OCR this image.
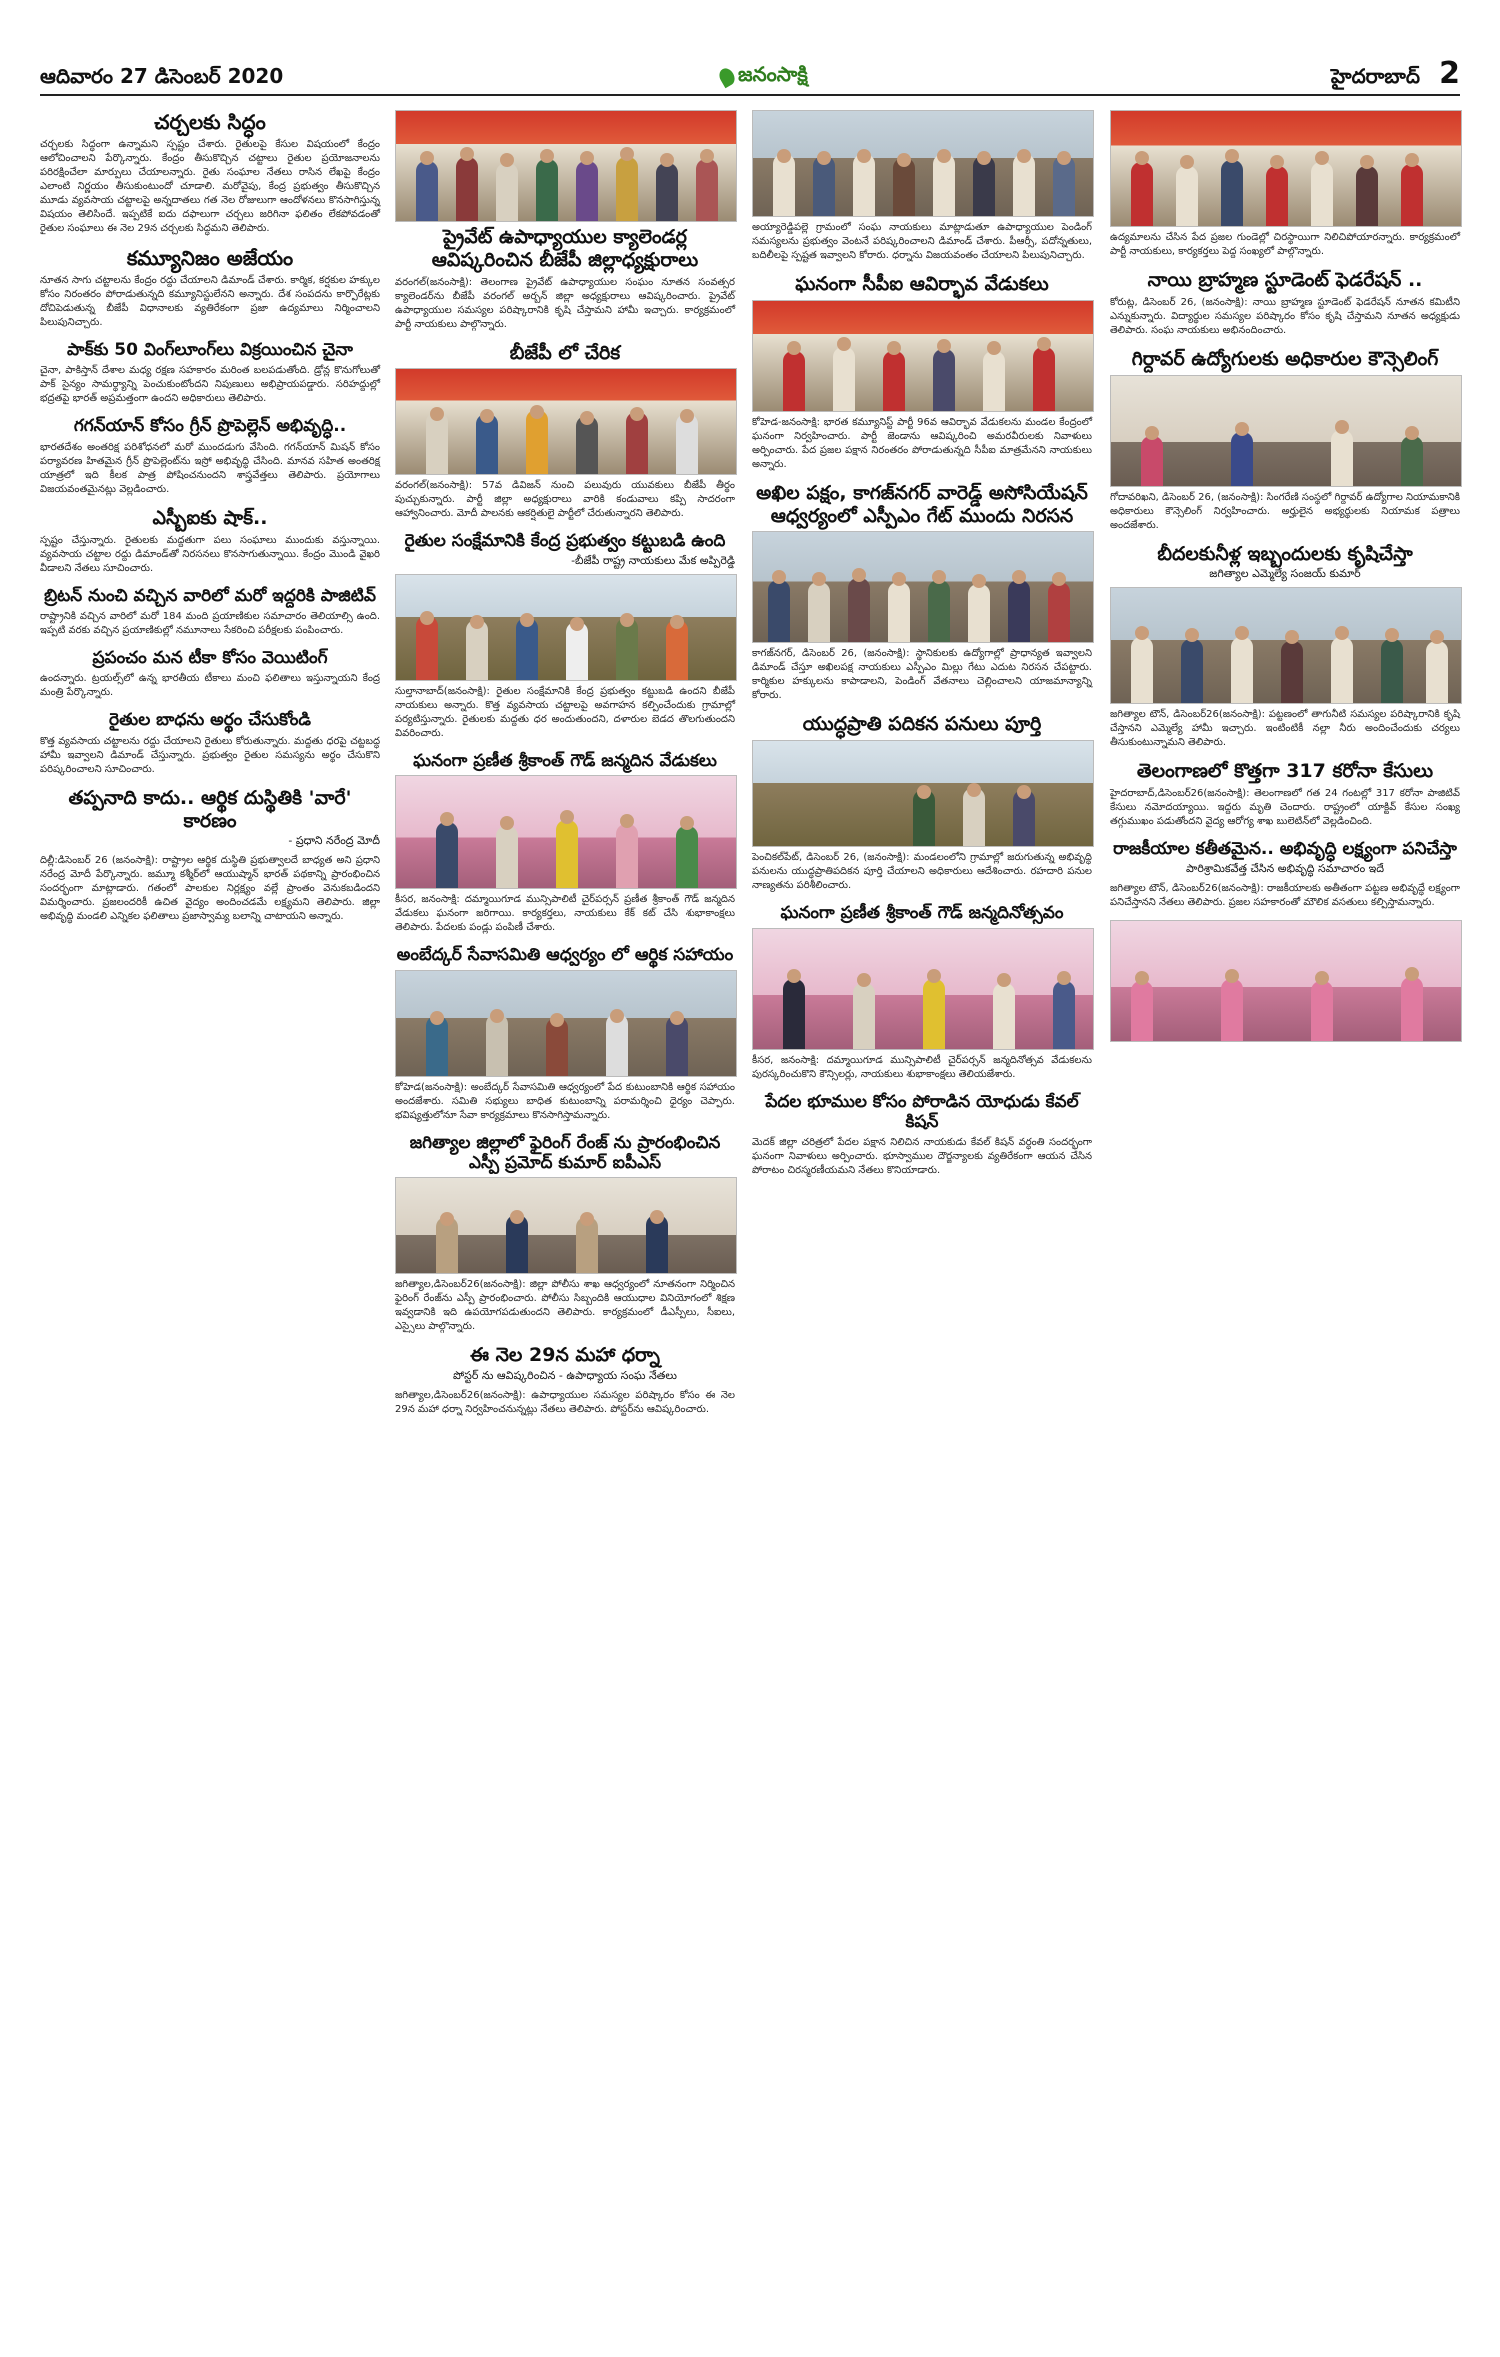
ఆదివారం 27 డిసెంబర్ 2020	జనంసాక్షి	హైదరాబాద్ 2
చర్చలకు సిద్ధం
చర్చలకు సిద్ధంగా ఉన్నామని స్పష్టం చేశారు. రైతులపై కేసుల విషయంలో కేంద్రం ఆలోచించాలని పేర్కొన్నారు. కేంద్రం తీసుకొచ్చిన చట్టాలు రైతుల ప్రయోజనాలను పరిరక్షించేలా మార్పులు చేయాలన్నారు. రైతు సంఘాల నేతలు రాసిన లేఖపై కేంద్రం ఎలాంటి నిర్ణయం తీసుకుంటుందో చూడాలి. మరోవైపు, కేంద్ర ప్రభుత్వం తీసుకొచ్చిన మూడు వ్యవసాయ చట్టాలపై అన్నదాతలు గత నెల రోజులుగా ఆందోళనలు కొనసాగిస్తున్న విషయం తెలిసిందే. ఇప్పటికే ఐదు దఫాలుగా చర్చలు జరిగినా ఫలితం లేకపోవడంతో రైతుల సంఘాలు ఈ నెల 29న చర్చలకు సిద్ధమని తెలిపారు.
కమ్యూనిజం అజేయం
నూతన సాగు చట్టాలను కేంద్రం రద్దు చేయాలని డిమాండ్ చేశారు. కార్మిక, కర్షకుల హక్కుల కోసం నిరంతరం పోరాడుతున్నది కమ్యూనిస్టులేనని అన్నారు. దేశ సంపదను కార్పొరేట్లకు దోచిపెడుతున్న బీజేపీ విధానాలకు వ్యతిరేకంగా ప్రజా ఉద్యమాలు నిర్మించాలని పిలుపునిచ్చారు.
పాక్‌కు 50 వింగ్‌లూంగ్‌లు విక్రయించిన చైనా
చైనా, పాకిస్తాన్ దేశాల మధ్య రక్షణ సహకారం మరింత బలపడుతోంది. డ్రోన్ల కొనుగోలుతో పాక్ సైన్యం సామర్థ్యాన్ని పెంచుకుంటోందని నిపుణులు అభిప్రాయపడ్డారు. సరిహద్దుల్లో భద్రతపై భారత్ అప్రమత్తంగా ఉందని అధికారులు తెలిపారు.
గగన్‌యాన్ కోసం గ్రీన్ ప్రొపెల్లెన్ అభివృద్ధి..
భారతదేశం అంతరిక్ష పరిశోధనలో మరో ముందడుగు వేసింది. గగన్‌యాన్ మిషన్ కోసం పర్యావరణ హితమైన గ్రీన్ ప్రొపెల్లెంట్‌ను ఇస్రో అభివృద్ధి చేసింది. మానవ సహిత అంతరిక్ష యాత్రలో ఇది కీలక పాత్ర పోషించనుందని శాస్త్రవేత్తలు తెలిపారు. ప్రయోగాలు విజయవంతమైనట్లు వెల్లడించారు.
ఎస్బీఐకు షాక్..
స్పష్టం చేస్తున్నారు. రైతులకు మద్దతుగా పలు సంఘాలు ముందుకు వస్తున్నాయి. వ్యవసాయ చట్టాల రద్దు డిమాండ్‌తో నిరసనలు కొనసాగుతున్నాయి. కేంద్రం మొండి వైఖరి వీడాలని నేతలు సూచించారు.
బ్రిటన్ నుంచి వచ్చిన వారిలో మరో ఇద్దరికి పాజిటివ్
రాష్ట్రానికి వచ్చిన వారిలో మరో 184 మంది ప్రయాణికుల సమాచారం తెలియాల్సి ఉంది. ఇప్పటి వరకు వచ్చిన ప్రయాణికుల్లో నమూనాలు సేకరించి పరీక్షలకు పంపించారు.
ప్రపంచం మన టీకా కోసం వెయిటింగ్
ఉందన్నారు. ట్రయల్స్‌లో ఉన్న భారతీయ టీకాలు మంచి ఫలితాలు ఇస్తున్నాయని కేంద్ర మంత్రి పేర్కొన్నారు.
రైతుల బాధను అర్థం చేసుకోండి
కొత్త వ్యవసాయ చట్టాలను రద్దు చేయాలని రైతులు కోరుతున్నారు. మద్దతు ధరపై చట్టబద్ధ హామీ ఇవ్వాలని డిమాండ్ చేస్తున్నారు. ప్రభుత్వం రైతుల సమస్యను అర్థం చేసుకొని పరిష్కరించాలని సూచించారు.
తప్పనాది కాదు.. ఆర్థిక దుస్థితికి 'వారే' కారణం
- ప్రధాని నరేంద్ర మోదీ
దిల్లీ:డిసెంబర్ 26 (జనంసాక్షి): రాష్ట్రాల ఆర్థిక దుస్థితి ప్రభుత్వాలదే బాధ్యత అని ప్రధాని నరేంద్ర మోదీ పేర్కొన్నారు. జమ్మూ కశ్మీర్‌లో ఆయుష్మాన్ భారత్ పథకాన్ని ప్రారంభించిన సందర్భంగా మాట్లాడారు. గతంలో పాలకుల నిర్లక్ష్యం వల్లే ప్రాంతం వెనుకబడిందని విమర్శించారు. ప్రజలందరికీ ఉచిత వైద్యం అందించడమే లక్ష్యమని తెలిపారు. జిల్లా అభివృద్ధి మండలి ఎన్నికల ఫలితాలు ప్రజాస్వామ్య బలాన్ని చాటాయని అన్నారు.
ప్రైవేట్ ఉపాధ్యాయుల క్యాలెండర్ల ఆవిష్కరించిన బీజేపీ జిల్లాధ్యక్షురాలు
వరంగల్(జనంసాక్షి): తెలంగాణ ప్రైవేట్ ఉపాధ్యాయుల సంఘం నూతన సంవత్సర క్యాలెండర్‌ను బీజేపీ వరంగల్ అర్బన్ జిల్లా అధ్యక్షురాలు ఆవిష్కరించారు. ప్రైవేట్ ఉపాధ్యాయుల సమస్యల పరిష్కారానికి కృషి చేస్తామని హామీ ఇచ్చారు. కార్యక్రమంలో పార్టీ నాయకులు పాల్గొన్నారు.
బీజేపీ లో చేరిక
వరంగల్(జనంసాక్షి): 57వ డివిజన్ నుంచి పలువురు యువకులు బీజేపీ తీర్థం పుచ్చుకున్నారు. పార్టీ జిల్లా అధ్యక్షురాలు వారికి కండువాలు కప్పి సాదరంగా ఆహ్వానించారు. మోదీ పాలనకు ఆకర్షితులై పార్టీలో చేరుతున్నారని తెలిపారు.
రైతుల సంక్షేమానికి కేంద్ర ప్రభుత్వం కట్టుబడి ఉంది
-బీజేపీ రాష్ట్ర నాయకులు మేక అప్పిరెడ్డి
సుల్తానాబాద్(జనంసాక్షి): రైతుల సంక్షేమానికి కేంద్ర ప్రభుత్వం కట్టుబడి ఉందని బీజేపీ నాయకులు అన్నారు. కొత్త వ్యవసాయ చట్టాలపై అవగాహన కల్పించేందుకు గ్రామాల్లో పర్యటిస్తున్నారు. రైతులకు మద్దతు ధర అందుతుందని, దళారుల బెడద తొలగుతుందని వివరించారు.
ఘనంగా ప్రణీత శ్రీకాంత్ గౌడ్ జన్మదిన వేడుకలు
కీసర, జనంసాక్షి: దమ్మాయిగూడ మున్సిపాలిటీ చైర్‌పర్సన్ ప్రణీత శ్రీకాంత్ గౌడ్ జన్మదిన వేడుకలు ఘనంగా జరిగాయి. కార్యకర్తలు, నాయకులు కేక్ కట్ చేసి శుభాకాంక్షలు తెలిపారు. పేదలకు పండ్లు పంపిణీ చేశారు.
అంబేద్కర్ సేవాసమితి ఆధ్వర్యం లో ఆర్థిక సహాయం
కోహెడ(జనంసాక్షి): అంబేద్కర్ సేవాసమితి ఆధ్వర్యంలో పేద కుటుంబానికి ఆర్థిక సహాయం అందజేశారు. సమితి సభ్యులు బాధిత కుటుంబాన్ని పరామర్శించి ధైర్యం చెప్పారు. భవిష్యత్తులోనూ సేవా కార్యక్రమాలు కొనసాగిస్తామన్నారు.
జగిత్యాల జిల్లాలో ఫైరింగ్ రేంజ్ ను ప్రారంభించిన ఎస్పీ ప్రమోద్ కుమార్ ఐపీఎస్
జగిత్యాల,డిసెంబర్26(జనంసాక్షి): జిల్లా పోలీసు శాఖ ఆధ్వర్యంలో నూతనంగా నిర్మించిన ఫైరింగ్ రేంజ్‌ను ఎస్పీ ప్రారంభించారు. పోలీసు సిబ్బందికి ఆయుధాల వినియోగంలో శిక్షణ ఇవ్వడానికి ఇది ఉపయోగపడుతుందని తెలిపారు. కార్యక్రమంలో డీఎస్పీలు, సీఐలు, ఎస్సైలు పాల్గొన్నారు.
ఈ నెల 29న మహా ధర్నా
పోస్టర్ ను ఆవిష్కరించిన - ఉపాధ్యాయ సంఘ నేతలు
జగిత్యాల,డిసెంబర్26(జనంసాక్షి): ఉపాధ్యాయుల సమస్యల పరిష్కారం కోసం ఈ నెల 29న మహా ధర్నా నిర్వహించనున్నట్లు నేతలు తెలిపారు. పోస్టర్‌ను ఆవిష్కరించారు.
అయ్యారెడ్డిపల్లె గ్రామంలో సంఘ నాయకులు మాట్లాడుతూ ఉపాధ్యాయుల పెండింగ్ సమస్యలను ప్రభుత్వం వెంటనే పరిష్కరించాలని డిమాండ్ చేశారు. పీఆర్సీ, పదోన్నతులు, బదిలీలపై స్పష్టత ఇవ్వాలని కోరారు. ధర్నాను విజయవంతం చేయాలని పిలుపునిచ్చారు.
ఘనంగా సీపీఐ ఆవిర్భావ వేడుకలు
కోహెడ-జనంసాక్షి: భారత కమ్యూనిస్ట్ పార్టీ 96వ ఆవిర్భావ వేడుకలను మండల కేంద్రంలో ఘనంగా నిర్వహించారు. పార్టీ జెండాను ఆవిష్కరించి అమరవీరులకు నివాళులు అర్పించారు. పేద ప్రజల పక్షాన నిరంతరం పోరాడుతున్నది సీపీఐ మాత్రమేనని నాయకులు అన్నారు.
అఖిల పక్షం, కాగజ్‌నగర్ వారెడ్డ్ అసోసియేషన్ ఆధ్వర్యంలో ఎస్పీఎం గేట్ ముందు నిరసన
కాగజ్‌నగర్, డిసెంబర్ 26, (జనంసాక్షి): స్థానికులకు ఉద్యోగాల్లో ప్రాధాన్యత ఇవ్వాలని డిమాండ్ చేస్తూ అఖిలపక్ష నాయకులు ఎస్పీఎం మిల్లు గేటు ఎదుట నిరసన చేపట్టారు. కార్మికుల హక్కులను కాపాడాలని, పెండింగ్ వేతనాలు చెల్లించాలని యాజమాన్యాన్ని కోరారు.
యుద్ధప్రాతి పదికన పనులు పూర్తి
పెంచికల్‌పేట్, డిసెంబర్ 26, (జనంసాక్షి): మండలంలోని గ్రామాల్లో జరుగుతున్న అభివృద్ధి పనులను యుద్ధప్రాతిపదికన పూర్తి చేయాలని అధికారులు ఆదేశించారు. రహదారి పనుల నాణ్యతను పరిశీలించారు.
ఘనంగా ప్రణీత శ్రీకాంత్ గౌడ్ జన్మదినోత్సవం
కీసర, జనంసాక్షి: దమ్మాయిగూడ మున్సిపాలిటీ చైర్‌పర్సన్ జన్మదినోత్సవ వేడుకలను పురస్కరించుకొని కౌన్సిలర్లు, నాయకులు శుభాకాంక్షలు తెలియజేశారు.
పేదల భూముల కోసం పోరాడిన యోధుడు కేవల్ కిషన్
మెదక్ జిల్లా చరిత్రలో పేదల పక్షాన నిలిచిన నాయకుడు కేవల్ కిషన్ వర్ధంతి సందర్భంగా ఘనంగా నివాళులు అర్పించారు. భూస్వాముల దౌర్జన్యాలకు వ్యతిరేకంగా ఆయన చేసిన పోరాటం చిరస్మరణీయమని నేతలు కొనియాడారు.
ఉద్యమాలను చేసిన పేద ప్రజల గుండెల్లో చిరస్థాయిగా నిలిచిపోయారన్నారు. కార్యక్రమంలో పార్టీ నాయకులు, కార్యకర్తలు పెద్ద సంఖ్యలో పాల్గొన్నారు.
నాయి బ్రాహ్మణ స్టూడెంట్ ఫెడరేషన్ ..
కోరుట్ల, డిసెంబర్ 26, (జనంసాక్షి): నాయి బ్రాహ్మణ స్టూడెంట్ ఫెడరేషన్ నూతన కమిటీని ఎన్నుకున్నారు. విద్యార్థుల సమస్యల పరిష్కారం కోసం కృషి చేస్తామని నూతన అధ్యక్షుడు తెలిపారు. సంఘ నాయకులు అభినందించారు.
గిర్దావర్ ఉద్యోగులకు అధికారుల కౌన్సెలింగ్
గోదావరిఖని, డిసెంబర్ 26, (జనంసాక్షి): సింగరేణి సంస్థలో గిర్దావర్ ఉద్యోగాల నియామకానికి అధికారులు కౌన్సెలింగ్ నిర్వహించారు. అర్హులైన అభ్యర్థులకు నియామక పత్రాలు అందజేశారు.
బీదలకునీళ్ల ఇబ్బందులకు కృషిచేస్తా
జగిత్యాల ఎమ్మెల్యే సంజయ్ కుమార్
జగిత్యాల టౌన్, డిసెంబర్26(జనంసాక్షి): పట్టణంలో తాగునీటి సమస్యల పరిష్కారానికి కృషి చేస్తానని ఎమ్మెల్యే హామీ ఇచ్చారు. ఇంటింటికీ నల్లా నీరు అందించేందుకు చర్యలు తీసుకుంటున్నామని తెలిపారు.
తెలంగాణలో కొత్తగా 317 కరోనా కేసులు
హైదరాబాద్,డిసెంబర్26(జనంసాక్షి): తెలంగాణలో గత 24 గంటల్లో 317 కరోనా పాజిటివ్ కేసులు నమోదయ్యాయి. ఇద్దరు మృతి చెందారు. రాష్ట్రంలో యాక్టివ్ కేసుల సంఖ్య తగ్గుముఖం పడుతోందని వైద్య ఆరోగ్య శాఖ బులెటిన్‌లో వెల్లడించింది.
రాజకీయాల కతీతమైన.. అభివృద్ధి లక్ష్యంగా పనిచేస్తా
పారిశ్రామికవేత్త చేసిన అభివృద్ధి సమాచారం ఇదే
జగిత్యాల టౌన్, డిసెంబర్26(జనంసాక్షి): రాజకీయాలకు అతీతంగా పట్టణ అభివృద్ధే లక్ష్యంగా పనిచేస్తానని నేతలు తెలిపారు. ప్రజల సహకారంతో మౌలిక వసతులు కల్పిస్తామన్నారు.
